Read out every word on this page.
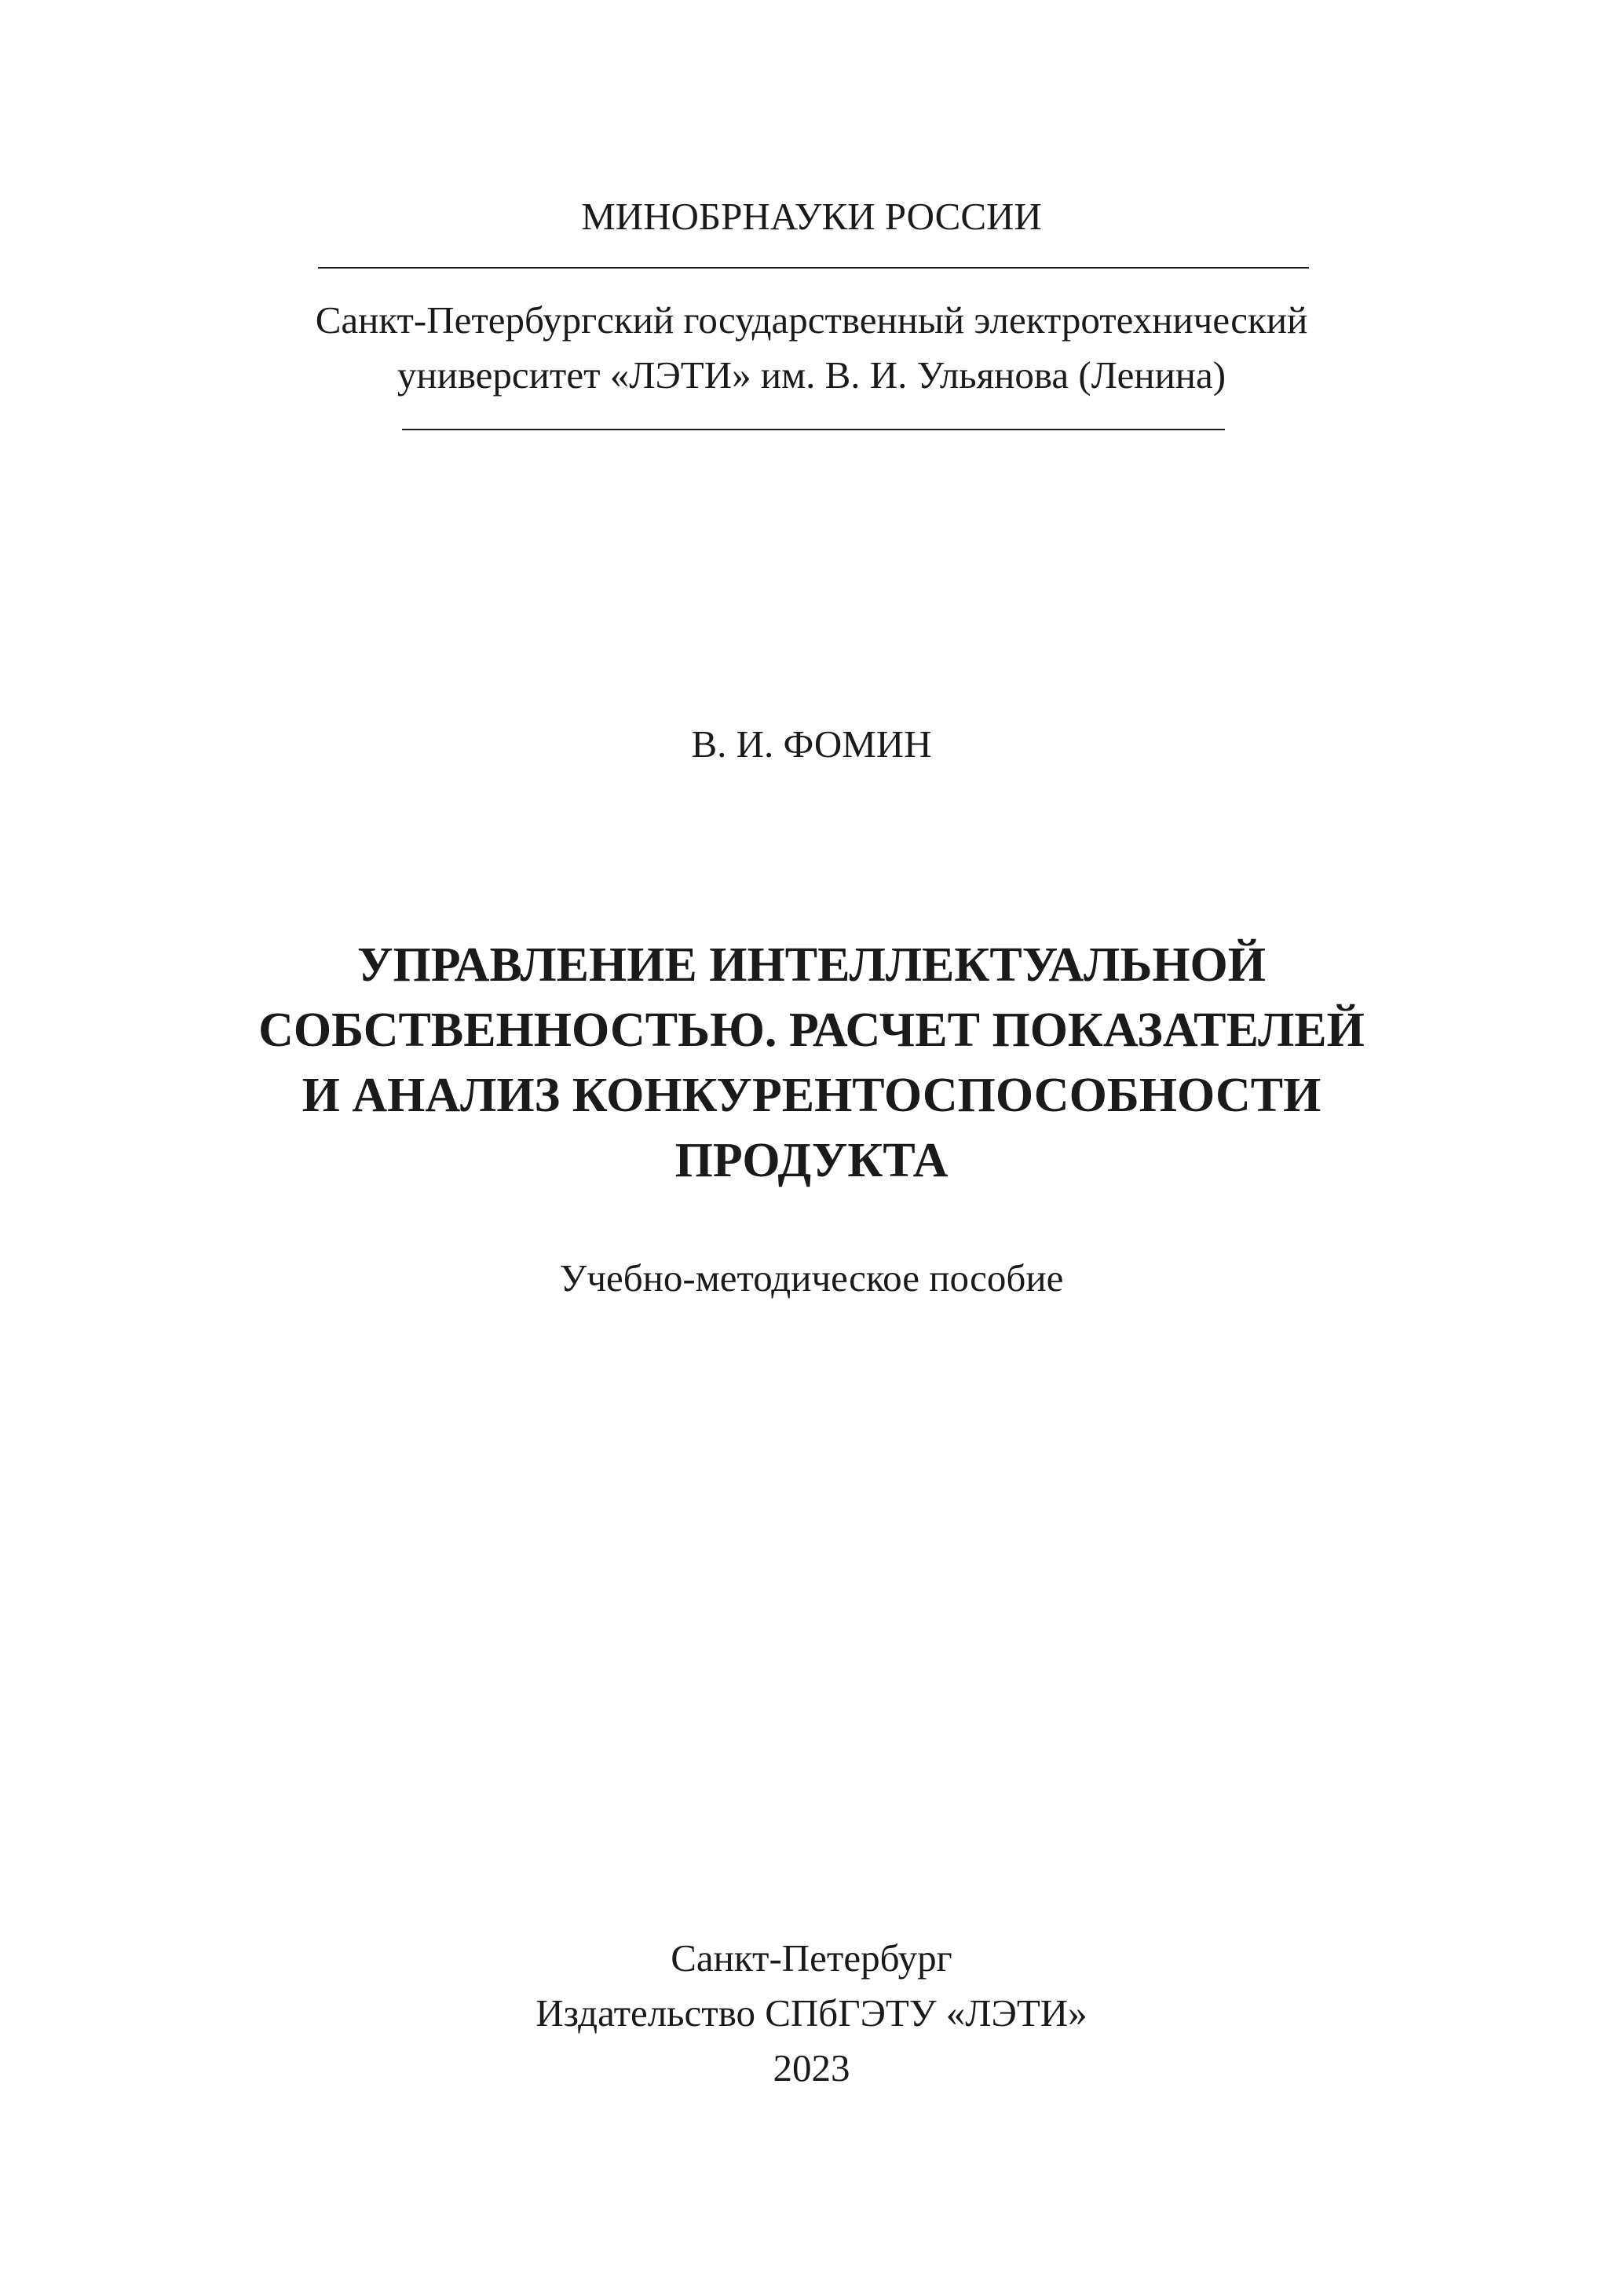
МИНОБРНАУКИ РОССИИ
Санкт-Петербургский государственный электротехнический
университет «ЛЭТИ» им. В. И. Ульянова (Ленина)
В. И. ФОМИН
УПРАВЛЕНИЕ ИНТЕЛЛЕКТУАЛЬНОЙ
СОБСТВЕННОСТЬЮ. РАСЧЕТ ПОКАЗАТЕЛЕЙ
И АНАЛИЗ КОНКУРЕНТОСПОСОБНОСТИ
ПРОДУКТА
Учебно-методическое пособие
Санкт-Петербург
Издательство СПбГЭТУ «ЛЭТИ»
2023
